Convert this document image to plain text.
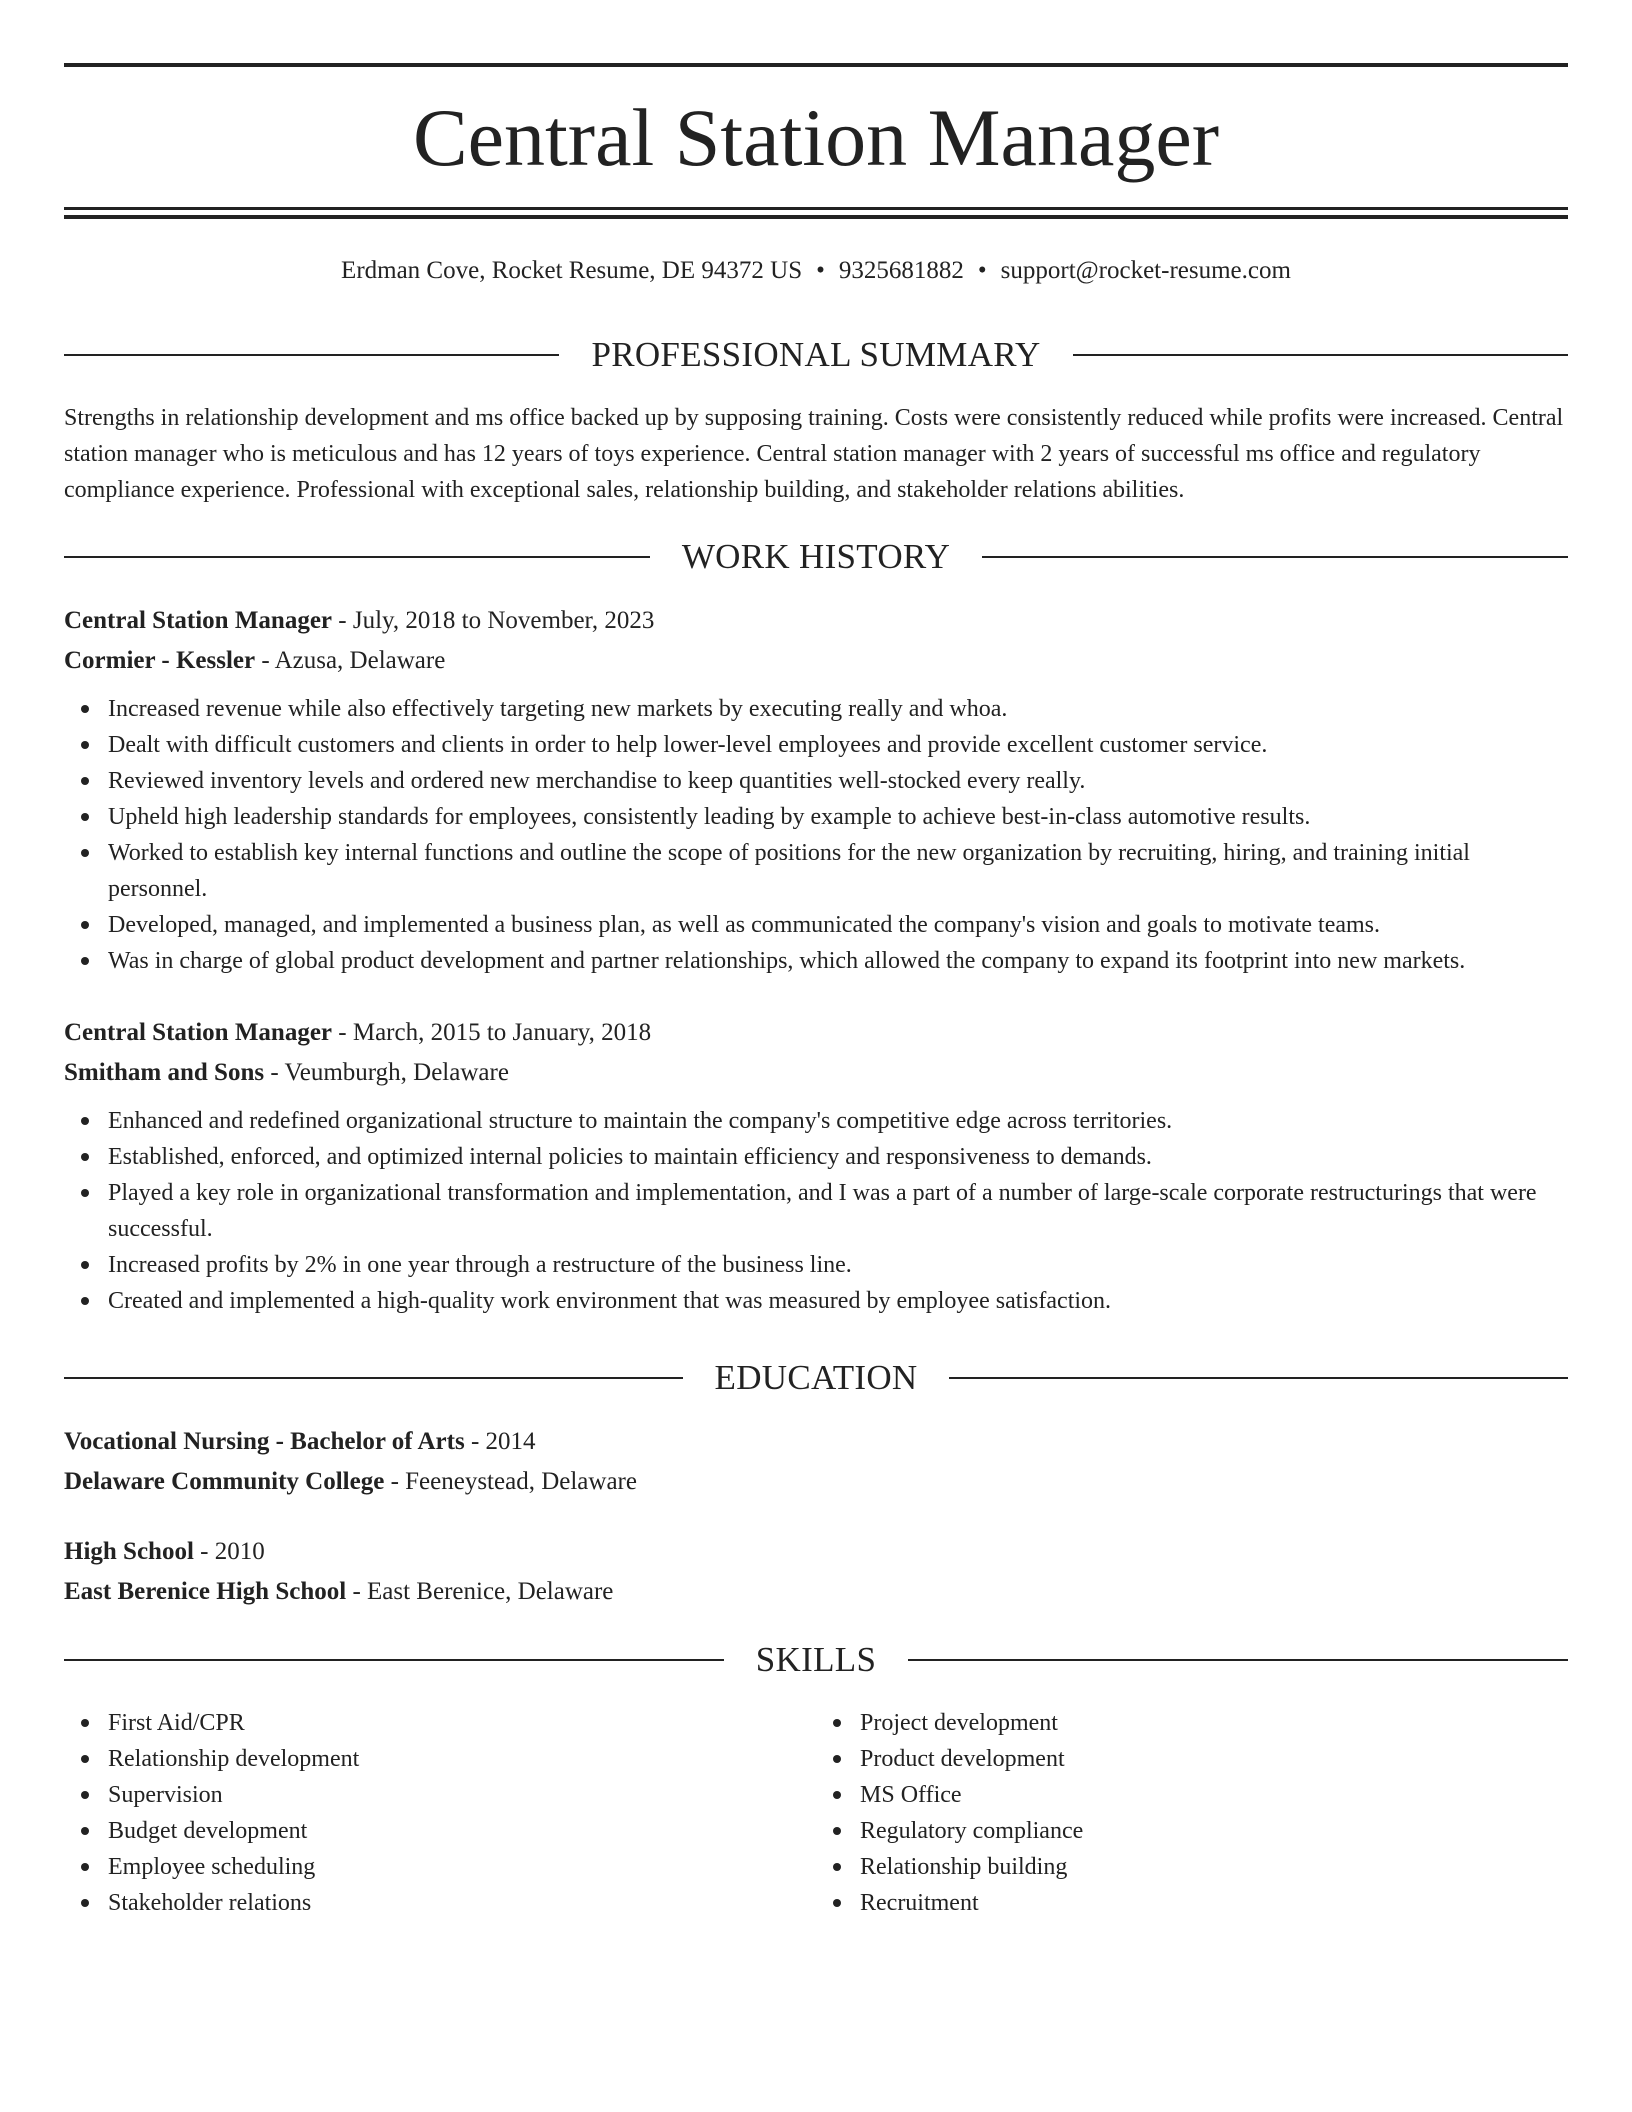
Central Station Manager
Erdman Cove, Rocket Resume, DE 94372 US • 9325681882 • support@rocket-resume.com
PROFESSIONAL SUMMARY

Strengths in relationship development and ms office backed up by supposing training. Costs were consistently reduced while profits were increased. Central station manager who is meticulous and has 12 years of toys experience. Central station manager with 2 years of successful ms office and regulatory compliance experience. Professional with exceptional sales, relationship building, and stakeholder relations abilities.

WORK HISTORY
Central Station Manager - July, 2018 to November, 2023
Cormier - Kessler - Azusa, Delaware
Increased revenue while also effectively targeting new markets by executing really and whoa.
Dealt with difficult customers and clients in order to help lower-level employees and provide excellent customer service.
Reviewed inventory levels and ordered new merchandise to keep quantities well-stocked every really.
Upheld high leadership standards for employees, consistently leading by example to achieve best-in-class automotive results.
Worked to establish key internal functions and outline the scope of positions for the new organization by recruiting, hiring, and training initial personnel.
Developed, managed, and implemented a business plan, as well as communicated the company's vision and goals to motivate teams.
Was in charge of global product development and partner relationships, which allowed the company to expand its footprint into new markets.
Central Station Manager - March, 2015 to January, 2018
Smitham and Sons - Veumburgh, Delaware
Enhanced and redefined organizational structure to maintain the company's competitive edge across territories.
Established, enforced, and optimized internal policies to maintain efficiency and responsiveness to demands.
Played a key role in organizational transformation and implementation, and I was a part of a number of large-scale corporate restructurings that were successful.
Increased profits by 2% in one year through a restructure of the business line.
Created and implemented a high-quality work environment that was measured by employee satisfaction.
EDUCATION
Vocational Nursing - Bachelor of Arts - 2014
Delaware Community College - Feeneystead, Delaware
High School - 2010
East Berenice High School - East Berenice, Delaware
SKILLS
First Aid/CPR
Relationship development
Supervision
Budget development
Employee scheduling
Stakeholder relations
Project development
Product development
MS Office
Regulatory compliance
Relationship building
Recruitment
